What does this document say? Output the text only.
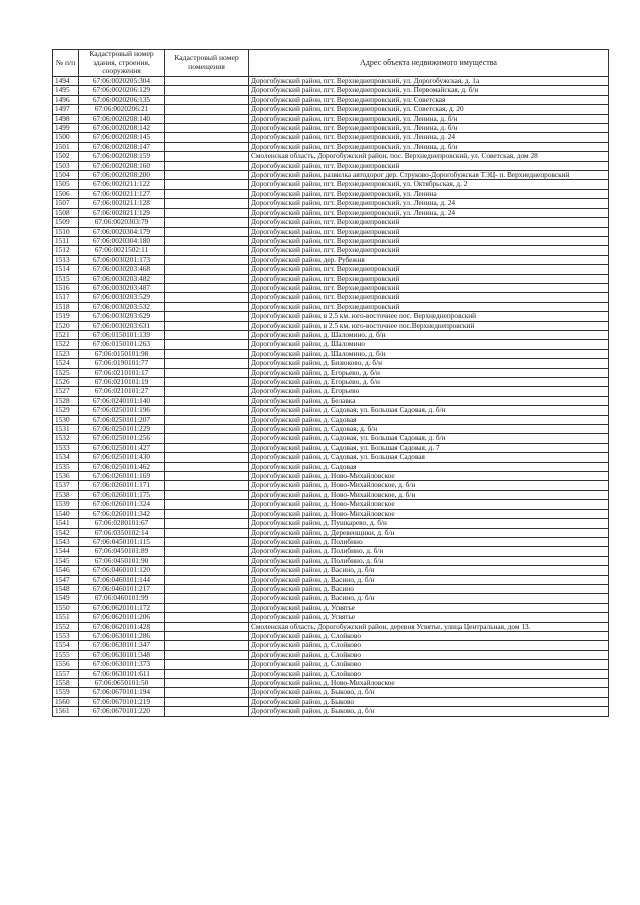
№ п/п	Кадастровый номер здания, строения, сооружения	Кадастровый номер помещения	Адрес объекта недвижимого имущества
1494	67:06:0020205:304		Дорогобужский район, пгт. Верхнеднепровский, ул. Дорогобужская, д. 1а
1495	67:06:0020206:129		Дорогобужский район, пгт. Верхнеднепровский, ул. Первомайская, д. б/н
1496	67:06:0020206:135		Дорогобужский район, пгт. Верхнеднепровский, ул. Советская
1497	67:06:0020206:21		Дорогобужский район, пгт. Верхнеднепровский, ул. Советская, д. 20
1498	67:06:0020208:140		Дорогобужский район, пгт. Верхнеднепровский, ул. Ленина, д. б/н
1499	67:06:0020208:142		Дорогобужский район, пгт. Верхнеднепровский, ул. Ленина, д. б/н
1500	67:06:0020208:145		Дорогобужский район, пгт. Верхнеднепровский, ул. Ленина, д. 24
1501	67:06:0020208:147		Дорогобужский район, пгт. Верхнеднепровский, ул. Ленина, д. б/н
1502	67:06:0020208:159		Смоленская область, Дорогобужский район, пос. Верхнеднепровский, ул. Советская, дом 28
1503	67:06:0020208:160		Дорогобужский район, пгт. Верхнеднепровский
1504	67:06:0020208:200		Дорогобужский район, развилка автодорог дер. Струково-Дорогобужская ТЭЦ- п. Верхнеднепровский
1505	67:06:0020211:122		Дорогобужский район, пгт. Верхнеднепровский, ул. Октябрьская, д. 2
1506	67:06:0020211:127		Дорогобужский район, пгт. Верхнеднепровский, ул. Ленина
1507	67:06:0020211:128		Дорогобужский район, пгт. Верхнеднепровский, ул. Ленина, д. 24
1508	67:06:0020211:129		Дорогобужский район, пгт. Верхнеднепровский, ул. Ленина, д. 24
1509	67:06:0020303:79		Дорогобужский район, пгт. Верхнеднепровский
1510	67:06:0020304:179		Дорогобужский район, пгт. Верхнеднепровский
1511	67:06:0020304:180		Дорогобужский район, пгт. Верхнеднепровский
1512	67:06:0021502:11		Дорогобужский район, пгт. Верхнеднепровский
1513	67:06:0030201:173		Дорогобужский район, дер. Рубежня
1514	67:06:0030203:468		Дорогобужский район, пгт. Верхнеднепровский
1515	67:06:0030203:482		Дорогобужский район, пгт. Верхнеднепровский
1516	67:06:0030203:487		Дорогобужский район, пгт. Верхнеднепровский
1517	67:06:0030203:529		Дорогобужский район, пгт. Верхнеднепровский
1518	67:06:0030203:532		Дорогобужский район, пгт. Верхнеднепровский
1519	67:06:0030203:629		Дорогобужский район, в 2.5 км. юго-восточнее пос. Верхнеднепровский
1520	67:06:0030203:631		Дорогобужский район, в 2.5 км. юго-восточнее пос.Верхнеднепровский
1521	67:06:0150101:139		Дорогобужский район, д. Шаломино, д. б/н
1522	67:06:0150101:263		Дорогобужский район, д. Шаломино
1523	67:06:0150101:98		Дорогобужский район, д. Шаломино, д. б/н
1524	67:06:0190101:77		Дорогобужский район, д. Бизюково, д. б/н
1525	67:06:0210101:17		Дорогобужский район, д. Егорьево, д. б/н
1526	67:06:0210101:19		Дорогобужский район, д. Егорьево, д. б/н
1527	67:06:0210101:27		Дорогобужский район, д. Егорьево
1528	67:06:0240101:140		Дорогобужский район, д. Белавка
1529	67:06:0250101:196		Дорогобужский район, д. Садовая, ул. Большая Садовая, д. б/н
1530	67:06:0250101:207		Дорогобужский район, д. Садовая
1531	67:06:0250101:229		Дорогобужский район, д. Садовая, д. б/н
1532	67:06:0250101:256		Дорогобужский район, д. Садовая, ул. Большая Садовая, д. б/н
1533	67:06:0250101:427		Дорогобужский район, д. Садовая, ул. Большая Садовая, д. 7
1534	67:06:0250101:430		Дорогобужский район, д. Садовая, ул. Большая Садовая
1535	67:06:0250101:462		Дорогобужский район, д. Садовая
1536	67:06:0260101:169		Дорогобужский район, д. Ново-Михайловское
1537	67:06:0260101:171		Дорогобужский район, д. Ново-Михайловское, д. б/н
1538	67:06:0260101:175		Дорогобужский район, д. Ново-Михайловское, д. б/н
1539	67:06:0260101:324		Дорогобужский район, д. Ново-Михайловское
1540	67:06:0260101:342		Дорогобужский район, д. Ново-Михайловское
1541	67:06:0280101:67		Дорогобужский район, д. Пушкарево, д. б/н
1542	67:06:0350102:14		Дорогобужский район, д. Деревенщики, д. б/н
1543	67:06:0450101:115		Дорогобужский район, д. Полибино
1544	67:06:0450101:89		Дорогобужский район, д. Полибино, д. б/н
1545	67:06:0450101:90		Дорогобужский район, д. Полибино, д. б/н
1546	67:06:0460101:120		Дорогобужский район, д. Васино, д. б/н
1547	67:06:0460101:144		Дорогобужский район, д. Васино, д. б/н
1548	67:06:0460101:217		Дорогобужский район, д. Васино
1549	67:06:0460101:99		Дорогобужский район, д. Васино, д. б/н
1550	67:06:0620101:172		Дорогобужский район, д. Усвятье
1551	67:06:0620101:206		Дорогобужский район, д. Усвятье
1552	67:06:0620101:428		Смоленская область, Дорогобужский район, деревня Усвятье, улица Центральная, дом 13.
1553	67:06:0630101:286		Дорогобужский район, д. Слойково
1554	67:06:0630101:347		Дорогобужский район, д. Слойково
1555	67:06:0630101:348		Дорогобужский район, д. Слойково
1556	67:06:0630101:373		Дорогобужский район, д. Слойково
1557	67:06:0630101:611		Дорогобужский район, д. Слойково
1558	67:06:0650101:50		Дорогобужский район, д. Ново-Михайловское
1559	67:06:0670101:194		Дорогобужский район, д. Быково, д. б/н
1560	67:06:0670101:219		Дорогобужский район, д. Быково
1561	67:06:0670101:220		Дорогобужский район, д. Быково, д. б/н
